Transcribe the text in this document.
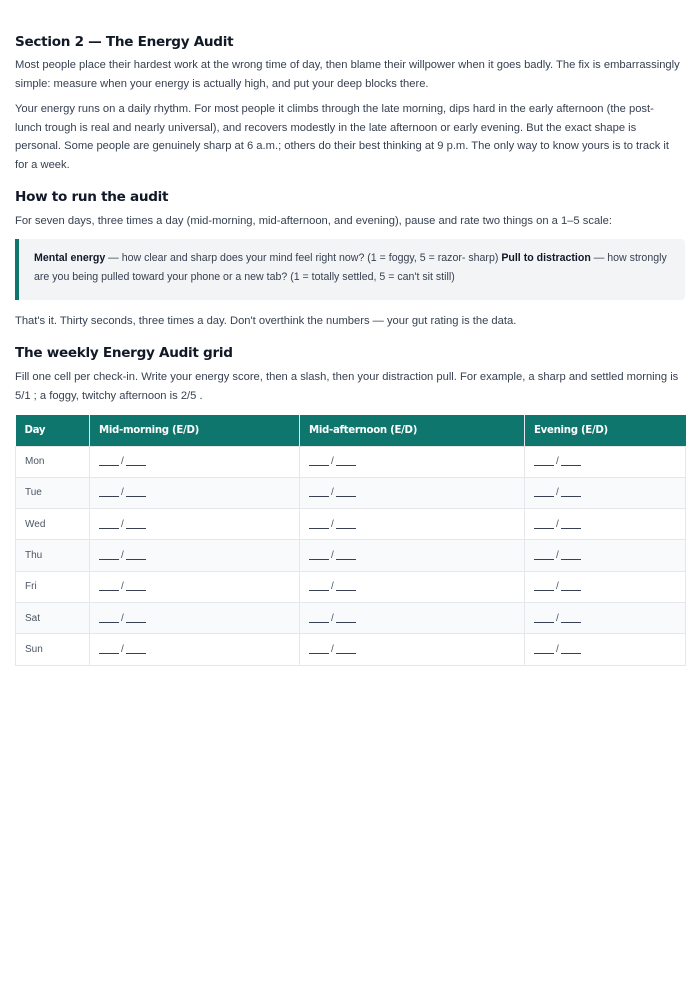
Section 2 — The Energy Audit

Most people place their hardest work at the wrong time of day, then blame their willpower when it goes badly. The fix is embarrassingly simple: measure when your energy is actually high, and put your deep blocks there.

Your energy runs on a daily rhythm. For most people it climbs through the late morning, dips hard in the early afternoon (the post-lunch trough is real and nearly universal), and recovers modestly in the late afternoon or early evening. But the exact shape is personal. Some people are genuinely sharp at 6 a.m.; others do their best thinking at 9 p.m. The only way to know yours is to track it for a week.

How to run the audit

For seven days, three times a day (mid-morning, mid-afternoon, and evening), pause and rate two things on a 1–5 scale:

Mental energy — how clear and sharp does your mind feel right now? (1 = foggy, 5 = razor- sharp) Pull to distraction — how strongly are you being pulled toward your phone or a new tab? (1 = totally settled, 5 = can't sit still)

That's it. Thirty seconds, three times a day. Don't overthink the numbers — your gut rating is the data.

The weekly Energy Audit grid

Fill one cell per check-in. Write your energy score, then a slash, then your distraction pull. For example, a sharp and settled morning is 5/1 ; a foggy, twitchy afternoon is 2/5 .

Day	Mid-morning (E/D)	Mid-afternoon (E/D)	Evening (E/D)
Mon	/	/	/
Tue	/	/	/
Wed	/	/	/
Thu	/	/	/
Fri	/	/	/
Sat	/	/	/
Sun	/	/	/
